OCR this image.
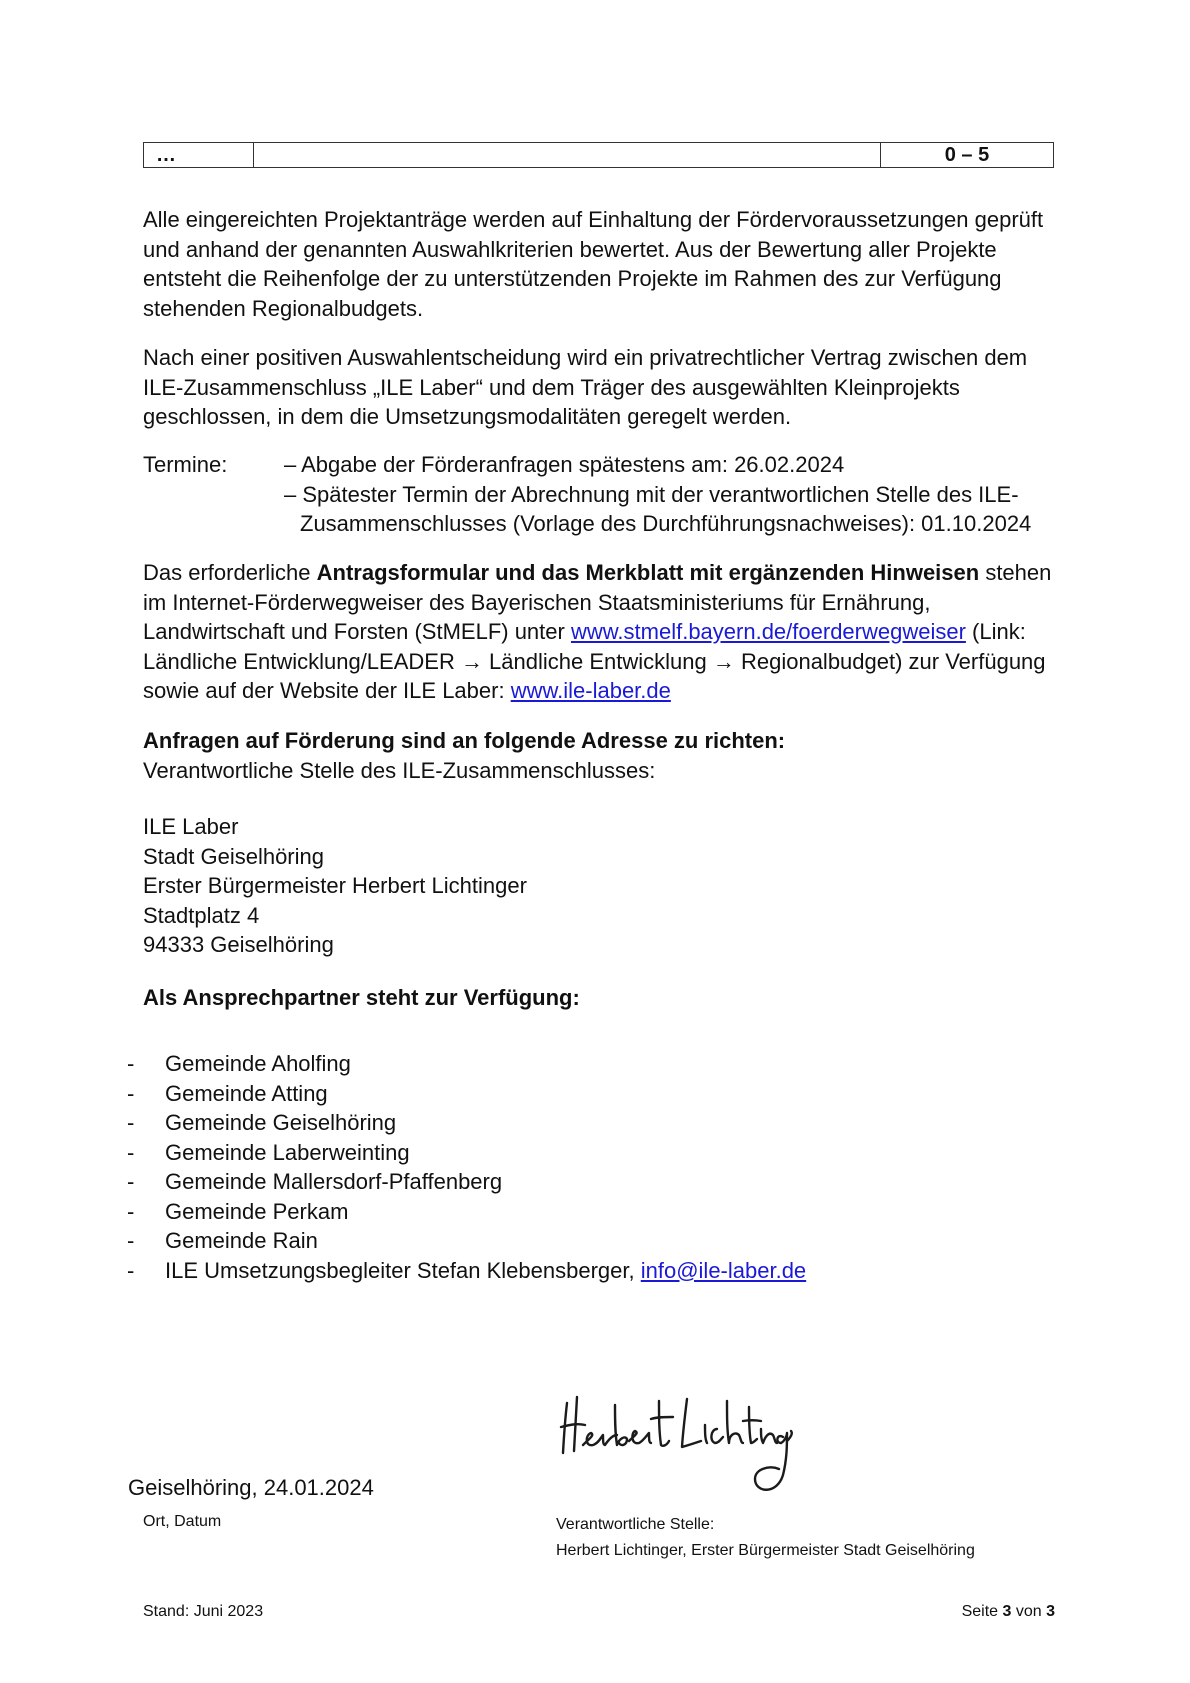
…	0 – 5

Alle eingereichten Projektanträge werden auf Einhaltung der Fördervoraussetzungen geprüft und anhand der genannten Auswahlkriterien bewertet. Aus der Bewertung aller Projekte entsteht die Reihenfolge der zu unterstützenden Projekte im Rahmen des zur Verfügung stehenden Regionalbudgets.

Nach einer positiven Auswahlentscheidung wird ein privatrechtlicher Vertrag zwischen dem ILE-Zusammenschluss „ILE Laber“ und dem Träger des ausgewählten Kleinprojekts geschlossen, in dem die Umsetzungsmodalitäten geregelt werden.

Termine:	– Abgabe der Förderanfragen spätestens am: 26.02.2024
– Spätester Termin der Abrechnung mit der verantwortlichen Stelle des ILE-
Zusammenschlusses (Vorlage des Durchführungsnachweises): 01.10.2024

Das erforderliche Antragsformular und das Merkblatt mit ergänzenden Hinweisen stehen im Internet-Förderwegweiser des Bayerischen Staatsministeriums für Ernährung, Landwirtschaft und Forsten (StMELF) unter www.stmelf.bayern.de/foerderwegweiser (Link: Ländliche Entwicklung/LEADER → Ländliche Entwicklung → Regionalbudget) zur Verfügung sowie auf der Website der ILE Laber: www.ile-laber.de

Anfragen auf Förderung sind an folgende Adresse zu richten:
Verantwortliche Stelle des ILE-Zusammenschlusses:
ILE Laber
Stadt Geiselhöring
Erster Bürgermeister Herbert Lichtinger
Stadtplatz 4
94333 Geiselhöring
Als Ansprechpartner steht zur Verfügung:
- Gemeinde Aholfing
- Gemeinde Atting
- Gemeinde Geiselhöring
- Gemeinde Laberweinting
- Gemeinde Mallersdorf-Pfaffenberg
- Gemeinde Perkam
- Gemeinde Rain
- ILE Umsetzungsbegleiter Stefan Klebensberger, info@ile-laber.de
Geiselhöring, 24.01.2024
Ort, Datum	Verantwortliche Stelle:
Herbert Lichtinger, Erster Bürgermeister Stadt Geiselhöring
Stand: Juni 2023	Seite 3 von 3
